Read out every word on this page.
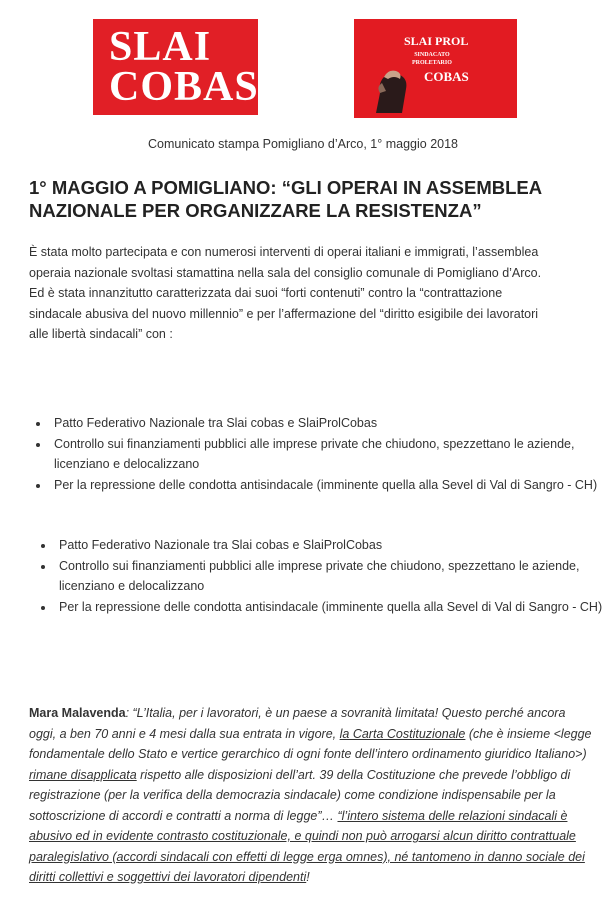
SLAI
COBAS
SLAI PROL
SINDACATO
PROLETARIO
COBAS
Comunicato stampa Pomigliano d’Arco, 1° maggio 2018
1° MAGGIO A POMIGLIANO: “GLI OPERAI IN ASSEMBLEA
NAZIONALE PER ORGANIZZARE LA RESISTENZA”
È stata molto partecipata e con numerosi interventi di operai italiani e immigrati, l’assemblea
operaia nazionale svoltasi stamattina nella sala del consiglio comunale di Pomigliano d’Arco.
Ed è stata innanzitutto caratterizzata dai suoi “forti contenuti” contro la “contrattazione
sindacale abusiva del nuovo millennio” e per l’affermazione del “diritto esigibile dei lavoratori
alle libertà sindacali” con :
• Patto Federativo Nazionale tra Slai cobas e SlaiProlCobas
• Controllo sui finanziamenti pubblici alle imprese private che chiudono, spezzettano le aziende, licenziano e delocalizzano
• Per la repressione delle condotta antisindacale (imminente quella alla Sevel di Val di Sangro - CH)
• Patto Federativo Nazionale tra Slai cobas e SlaiProlCobas
• Controllo sui finanziamenti pubblici alle imprese private che chiudono, spezzettano le aziende, licenziano e delocalizzano
• Per la repressione delle condotta antisindacale (imminente quella alla Sevel di Val di Sangro - CH)
Mara Malavenda: “L’Italia, per i lavoratori, è un paese a sovranità limitata! Questo perché ancora oggi, a ben 70 anni e 4 mesi dalla sua entrata in vigore, la Carta Costituzionale (che è insieme <legge fondamentale dello Stato e vertice gerarchico di ogni fonte dell’intero ordinamento giuridico Italiano>) rimane disapplicata rispetto alle disposizioni dell’art. 39 della Costituzione che prevede l’obbligo di registrazione (per la verifica della democrazia sindacale) come condizione indispensabile per la sottoscrizione di accordi e contratti a norma di legge”… “l’intero sistema delle relazioni sindacali è abusivo ed in evidente contrasto costituzionale, e quindi non può arrogarsi alcun diritto contrattuale paralegislativo (accordi sindacali con effetti di legge erga omnes), né tantomeno in danno sociale dei diritti collettivi e soggettivi dei lavoratori dipendenti!
